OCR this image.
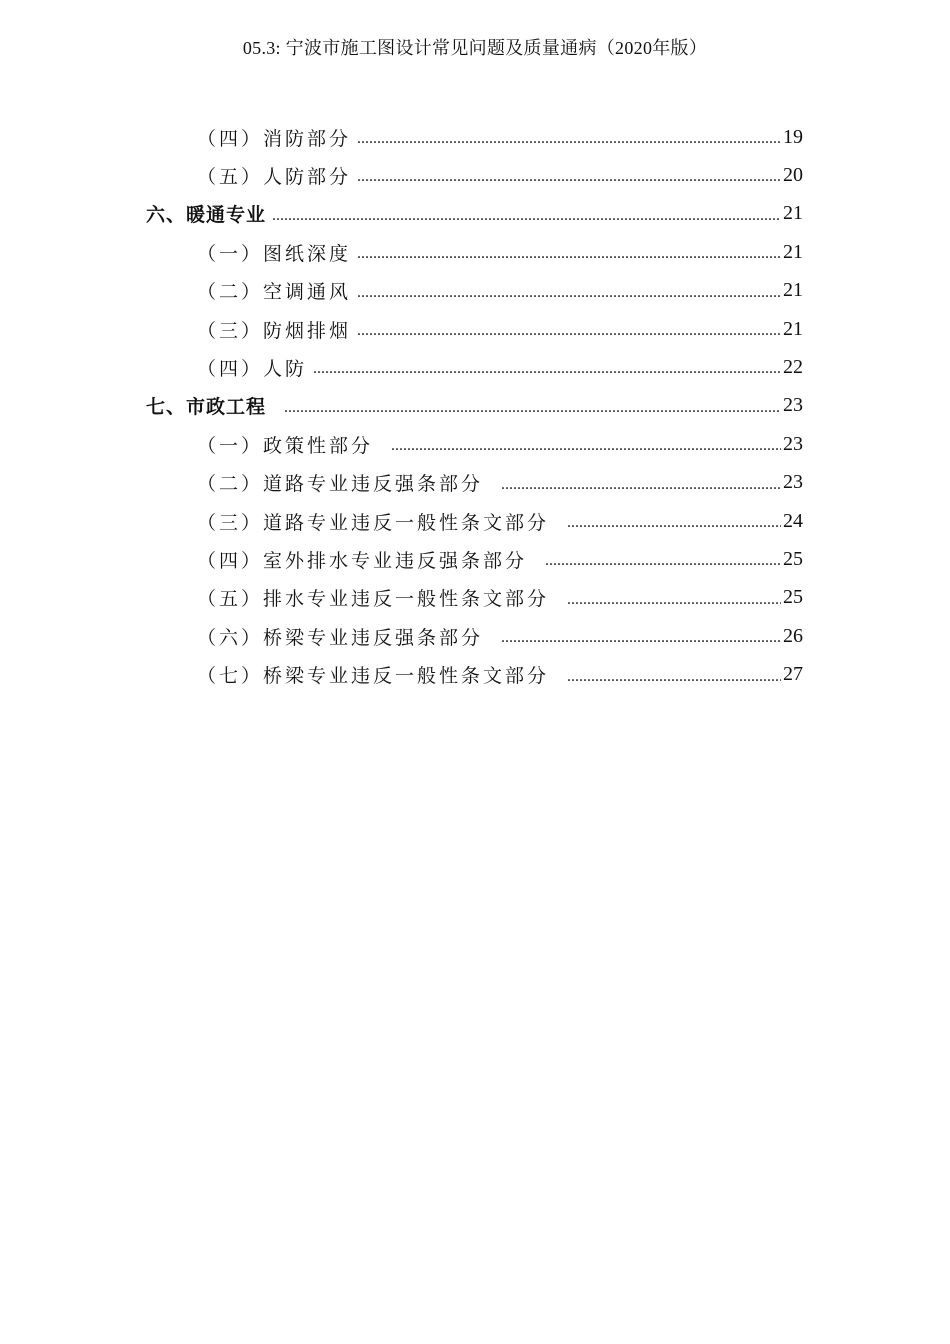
05.3: 宁波市施工图设计常见问题及质量通病（2020年版）
（四）消防部分 .....	19
（五）人防部分 .....	20
六、暖通专业 .....	21
（一）图纸深度 .....	21
（二）空调通风 .....	21
（三）防烟排烟 .....	21
（四）人防 .....	22
七、市政工程 .....	23
（一）政策性部分 .....	23
（二）道路专业违反强条部分 .....	23
（三）道路专业违反一般性条文部分 .....	24
（四）室外排水专业违反强条部分 .....	25
（五）排水专业违反一般性条文部分 .....	25
（六）桥梁专业违反强条部分 .....	26
（七）桥梁专业违反一般性条文部分 .....	27
